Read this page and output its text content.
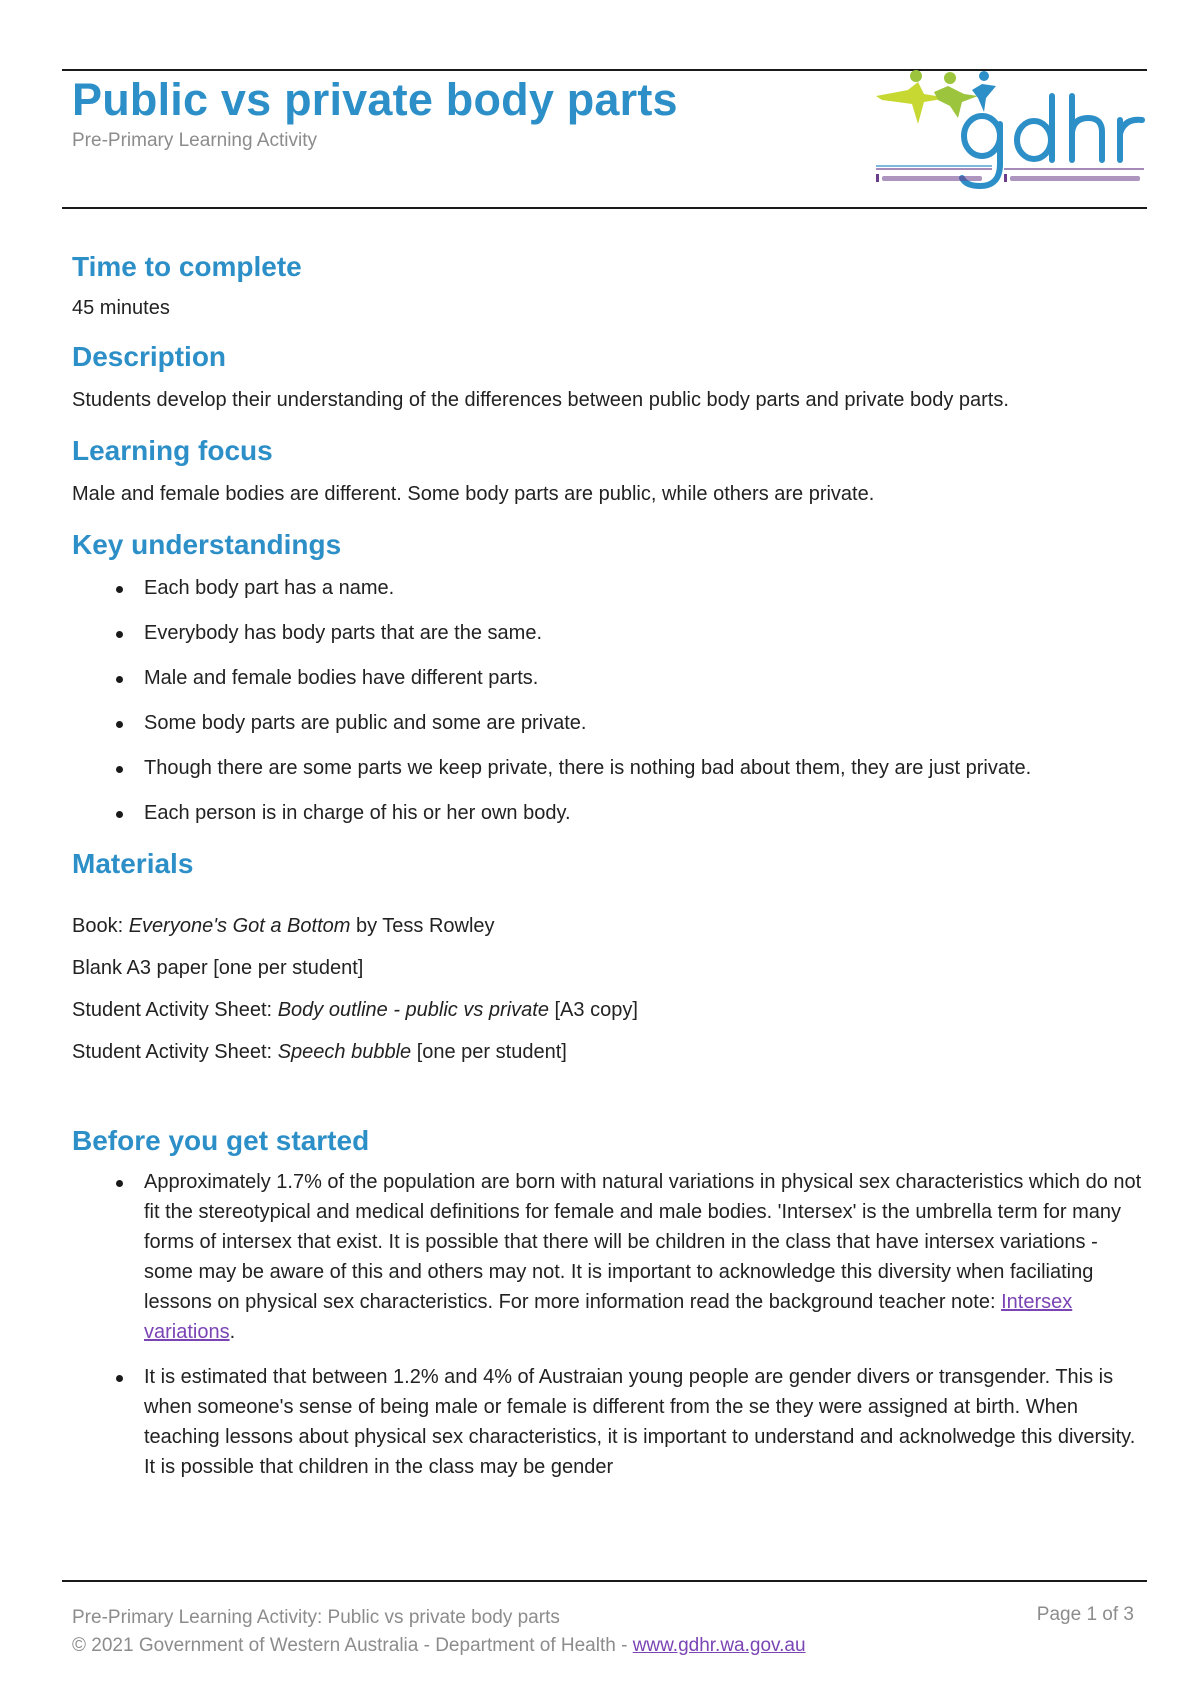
Public vs private body parts
Pre-Primary Learning Activity
Time to complete

45 minutes

Description

Students develop their understanding of the differences between public body parts and private body parts.

Learning focus

Male and female bodies are different. Some body parts are public, while others are private.

Key understandings
Each body part has a name.
Everybody has body parts that are the same.
Male and female bodies have different parts.
Some body parts are public and some are private.
Though there are some parts we keep private, there is nothing bad about them, they are just private.
Each person is in charge of his or her own body.
Materials

Book: Everyone's Got a Bottom by Tess Rowley

Blank A3 paper [one per student]

Student Activity Sheet: Body outline - public vs private [A3 copy]

Student Activity Sheet: Speech bubble [one per student]

Before you get started
Approximately 1.7% of the population are born with natural variations in physical sex characteristics which do not fit the stereotypical and medical definitions for female and male bodies. 'Intersex' is the umbrella term for many forms of intersex that exist. It is possible that there will be children in the class that have intersex variations - some may be aware of this and others may not. It is important to acknowledge this diversity when faciliating lessons on physical sex characteristics. For more information read the background teacher note: Intersex variations.
It is estimated that between 1.2% and 4% of Austraian young people are gender divers or transgender. This is when someone's sense of being male or female is different from the se they were assigned at birth. When teaching lessons about physical sex characteristics, it is important to understand and acknolwedge this diversity. It is possible that children in the class may be gender
Pre-Primary Learning Activity: Public vs private body parts
© 2021 Government of Western Australia - Department of Health - www.gdhr.wa.gov.au
Page 1 of 3
